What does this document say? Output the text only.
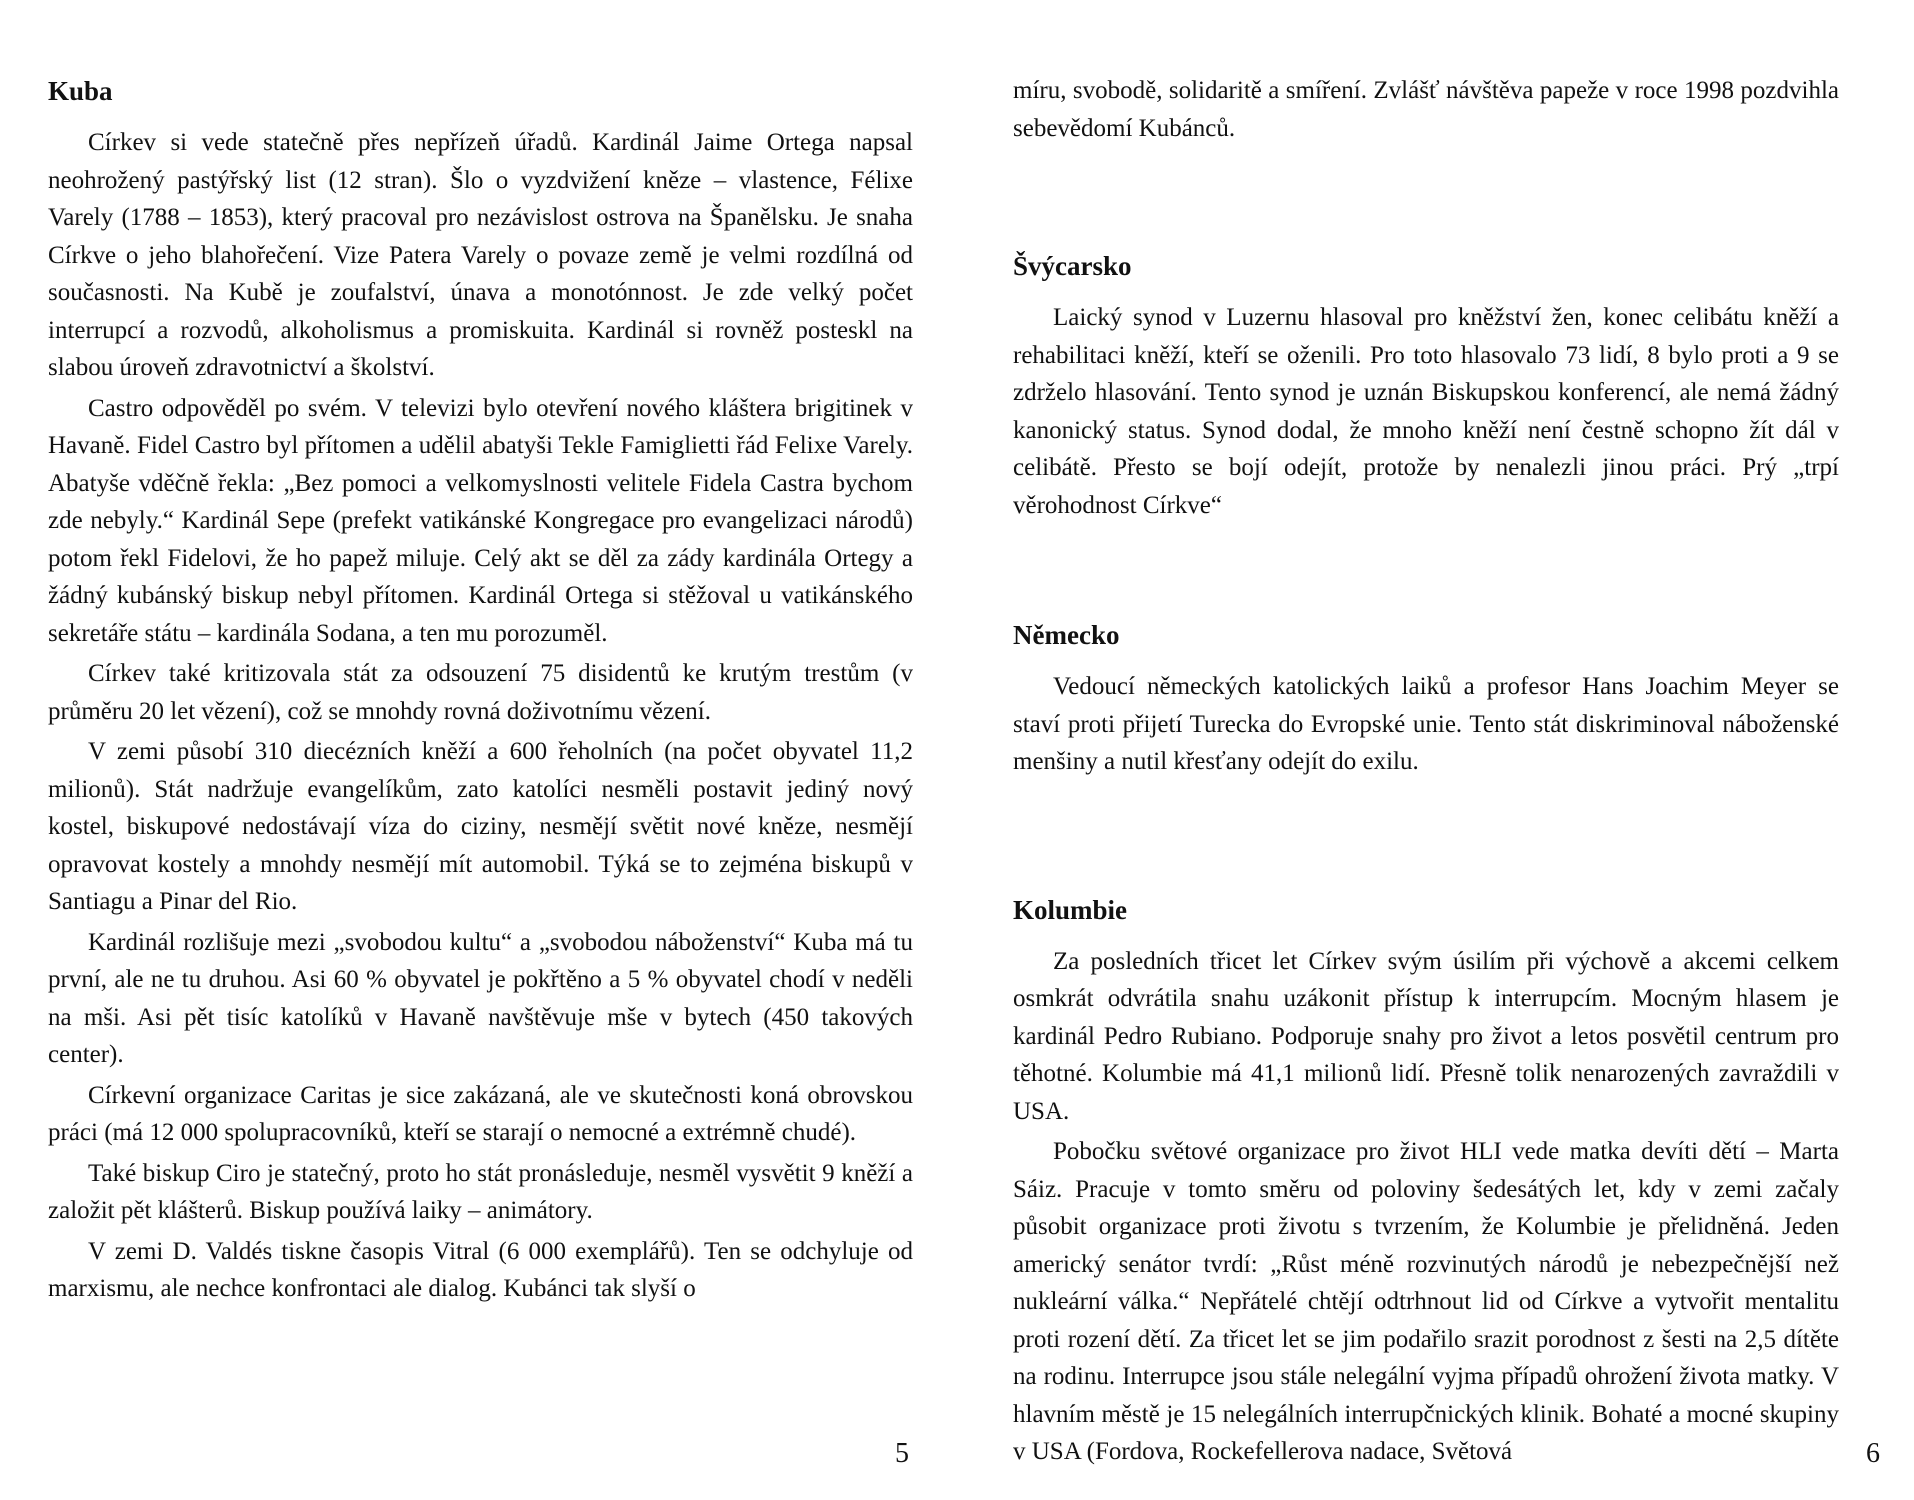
Kuba

Církev si vede statečně přes nepřízeň úřadů. Kardinál Jaime Ortega napsal neohrožený pastýřský list (12 stran). Šlo o vyzdvižení kněze – vlastence, Félixe Varely (1788 – 1853), který pracoval pro nezávislost ostrova na Španělsku. Je snaha Církve o jeho blahořečení. Vize Patera Varely o povaze země je velmi rozdílná od současnosti. Na Kubě je zoufalství, únava a monotónnost. Je zde velký počet interrupcí a rozvodů, alkoholismus a promiskuita. Kardinál si rovněž posteskl na slabou úroveň zdravotnictví a školství.

Castro odpověděl po svém. V televizi bylo otevření nového kláštera brigitinek v Havaně. Fidel Castro byl přítomen a udělil abatyši Tekle Famiglietti řád Felixe Varely. Abatyše vděčně řekla: „Bez pomoci a velkomyslnosti velitele Fidela Castra bychom zde nebyly.“ Kardinál Sepe (prefekt vatikánské Kongregace pro evangelizaci národů) potom řekl Fidelovi, že ho papež miluje. Celý akt se děl za zády kardinála Ortegy a žádný kubánský biskup nebyl přítomen. Kardinál Ortega si stěžoval u vatikánského sekretáře státu – kardinála Sodana, a ten mu porozuměl.

Církev také kritizovala stát za odsouzení 75 disidentů ke krutým trestům (v průměru 20 let vězení), což se mnohdy rovná doživotnímu vězení.

V zemi působí 310 diecézních kněží a 600 řeholních (na počet obyvatel 11,2 milionů). Stát nadržuje evangelíkům, zato katolíci nesměli postavit jediný nový kostel, biskupové nedostávají víza do ciziny, nesmějí světit nové kněze, nesmějí opravovat kostely a mnohdy nesmějí mít automobil. Týká se to zejména biskupů v Santiagu a Pinar del Rio.

Kardinál rozlišuje mezi „svobodou kultu“ a „svobodou náboženství“ Kuba má tu první, ale ne tu druhou. Asi 60 % obyvatel je pokřtěno a 5 % obyvatel chodí v neděli na mši. Asi pět tisíc katolíků v Havaně navštěvuje mše v bytech (450 takových center).

Církevní organizace Caritas je sice zakázaná, ale ve skutečnosti koná obrovskou práci (má 12 000 spolupracovníků, kteří se starají o nemocné a extrémně chudé).

Také biskup Ciro je statečný, proto ho stát pronásleduje, nesměl vysvětit 9 kněží a založit pět klášterů. Biskup používá laiky – animátory.

V zemi D. Valdés tiskne časopis Vitral (6 000 exemplářů). Ten se odchyluje od marxismu, ale nechce konfrontaci ale dialog. Kubánci tak slyší o

5

míru, svobodě, solidaritě a smíření. Zvlášť návštěva papeže v roce 1998 pozdvihla sebevědomí Kubánců.

Švýcarsko

Laický synod v Luzernu hlasoval pro kněžství žen, konec celibátu kněží a rehabilitaci kněží, kteří se oženili. Pro toto hlasovalo 73 lidí, 8 bylo proti a 9 se zdrželo hlasování. Tento synod je uznán Biskupskou konferencí, ale nemá žádný kanonický status. Synod dodal, že mnoho kněží není čestně schopno žít dál v celibátě. Přesto se bojí odejít, protože by nenalezli jinou práci. Prý „trpí věrohodnost Církve“

Německo

Vedoucí německých katolických laiků a profesor Hans Joachim Meyer se staví proti přijetí Turecka do Evropské unie. Tento stát diskriminoval náboženské menšiny a nutil křesťany odejít do exilu.

Kolumbie

Za posledních třicet let Církev svým úsilím při výchově a akcemi celkem osmkrát odvrátila snahu uzákonit přístup k interrupcím. Mocným hlasem je kardinál Pedro Rubiano. Podporuje snahy pro život a letos posvětil centrum pro těhotné. Kolumbie má 41,1 milionů lidí. Přesně tolik nenarozených zavraždili v USA.

Pobočku světové organizace pro život HLI vede matka devíti dětí – Marta Sáiz. Pracuje v tomto směru od poloviny šedesátých let, kdy v zemi začaly působit organizace proti životu s tvrzením, že Kolumbie je přelidněná. Jeden americký senátor tvrdí: „Růst méně rozvinutých národů je nebezpečnější než nukleární válka.“ Nepřátelé chtějí odtrhnout lid od Církve a vytvořit mentalitu proti rození dětí. Za třicet let se jim podařilo srazit porodnost z šesti na 2,5 dítěte na rodinu. Interrupce jsou stále nelegální vyjma případů ohrožení života matky. V hlavním městě je 15 nelegálních interrupčnických klinik. Bohaté a mocné skupiny v USA (Fordova, Rockefellerova nadace, Světová	6
